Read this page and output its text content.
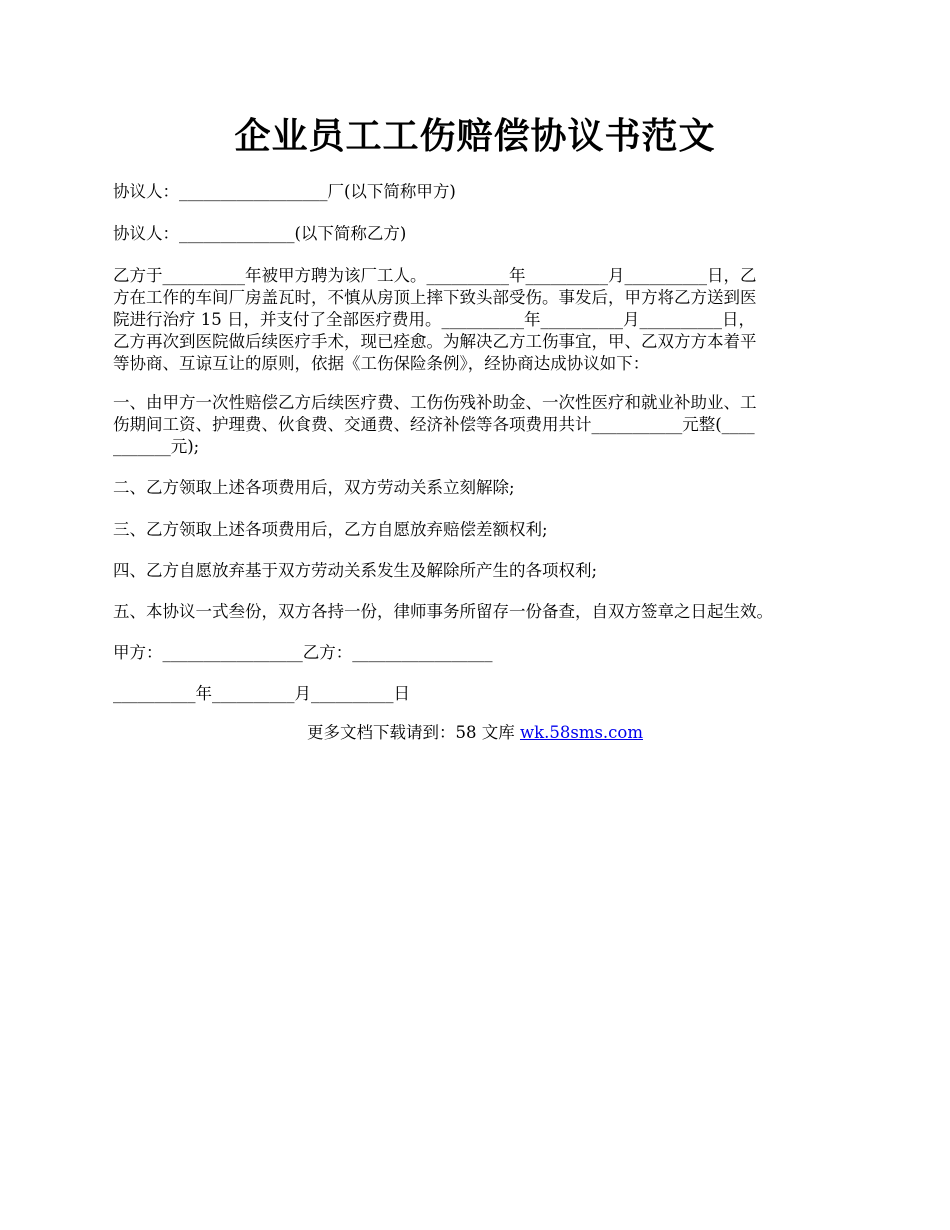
企业员工工伤赔偿协议书范文

协议人：__________________厂(以下简称甲方)

协议人：______________(以下简称乙方)

乙方于__________年被甲方聘为该厂工人。__________年__________月__________日，乙

方在工作的车间厂房盖瓦时，不慎从房顶上摔下致头部受伤。事发后，甲方将乙方送到医

院进行治疗 15 日，并支付了全部医疗费用。__________年__________月__________日，

乙方再次到医院做后续医疗手术，现已痊愈。为解决乙方工伤事宜，甲、乙双方方本着平

等协商、互谅互让的原则，依据《工伤保险条例》，经协商达成协议如下：

一、由甲方一次性赔偿乙方后续医疗费、工伤伤残补助金、一次性医疗和就业补助业、工

伤期间工资、护理费、伙食费、交通费、经济补偿等各项费用共计___________元整(____

_______元);

二、乙方领取上述各项费用后，双方劳动关系立刻解除;

三、乙方领取上述各项费用后，乙方自愿放弃赔偿差额权利;

四、乙方自愿放弃基于双方劳动关系发生及解除所产生的各项权利;

五、本协议一式叁份，双方各持一份，律师事务所留存一份备查，自双方签章之日起生效。

甲方：_________________乙方：_________________

__________年__________月__________日

更多文档下载请到：58 文库 wk.58sms.com
